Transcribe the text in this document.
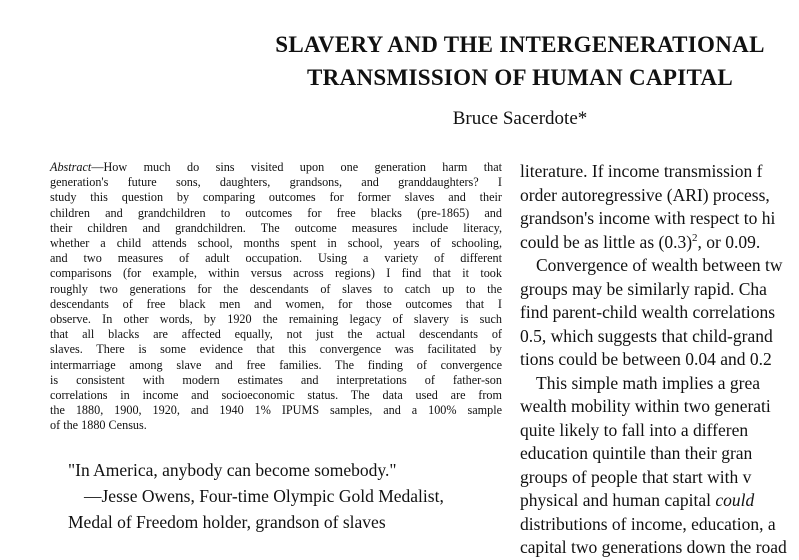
SLAVERY AND THE INTERGENERATIONAL
TRANSMISSION OF HUMAN CAPITAL
Bruce Sacerdote*
Abstract—How much do sins visited upon one generation harm that
generation's future sons, daughters, grandsons, and granddaughters? I
study this question by comparing outcomes for former slaves and their
children and grandchildren to outcomes for free blacks (pre-1865) and
their children and grandchildren. The outcome measures include literacy,
whether a child attends school, months spent in school, years of schooling,
and two measures of adult occupation. Using a variety of different
comparisons (for example, within versus across regions) I find that it took
roughly two generations for the descendants of slaves to catch up to the
descendants of free black men and women, for those outcomes that I
observe. In other words, by 1920 the remaining legacy of slavery is such
that all blacks are affected equally, not just the actual descendants of
slaves. There is some evidence that this convergence was facilitated by
intermarriage among slave and free families. The finding of convergence
is consistent with modern estimates and interpretations of father-son
correlations in income and socioeconomic status. The data used are from
the 1880, 1900, 1920, and 1940 1% IPUMS samples, and a 100% sample
of the 1880 Census.
"In America, anybody can become somebody."
—Jesse Owens, Four-time Olympic Gold Medalist,
Medal of Freedom holder, grandson of slaves
literature. If income transmission f
order autoregressive (ARI) process,
grandson's income with respect to hi
could be as little as $(0.3)^2$, or 0.09.
Convergence of wealth between tw
groups may be similarly rapid. Cha
find parent-child wealth correlations
0.5, which suggests that child-grand
tions could be between 0.04 and 0.2
This simple math implies a grea
wealth mobility within two generati
quite likely to fall into a differen
education quintile than their gran
groups of people that start with v
physical and human capital could
distributions of income, education, a
capital two generations down the road
